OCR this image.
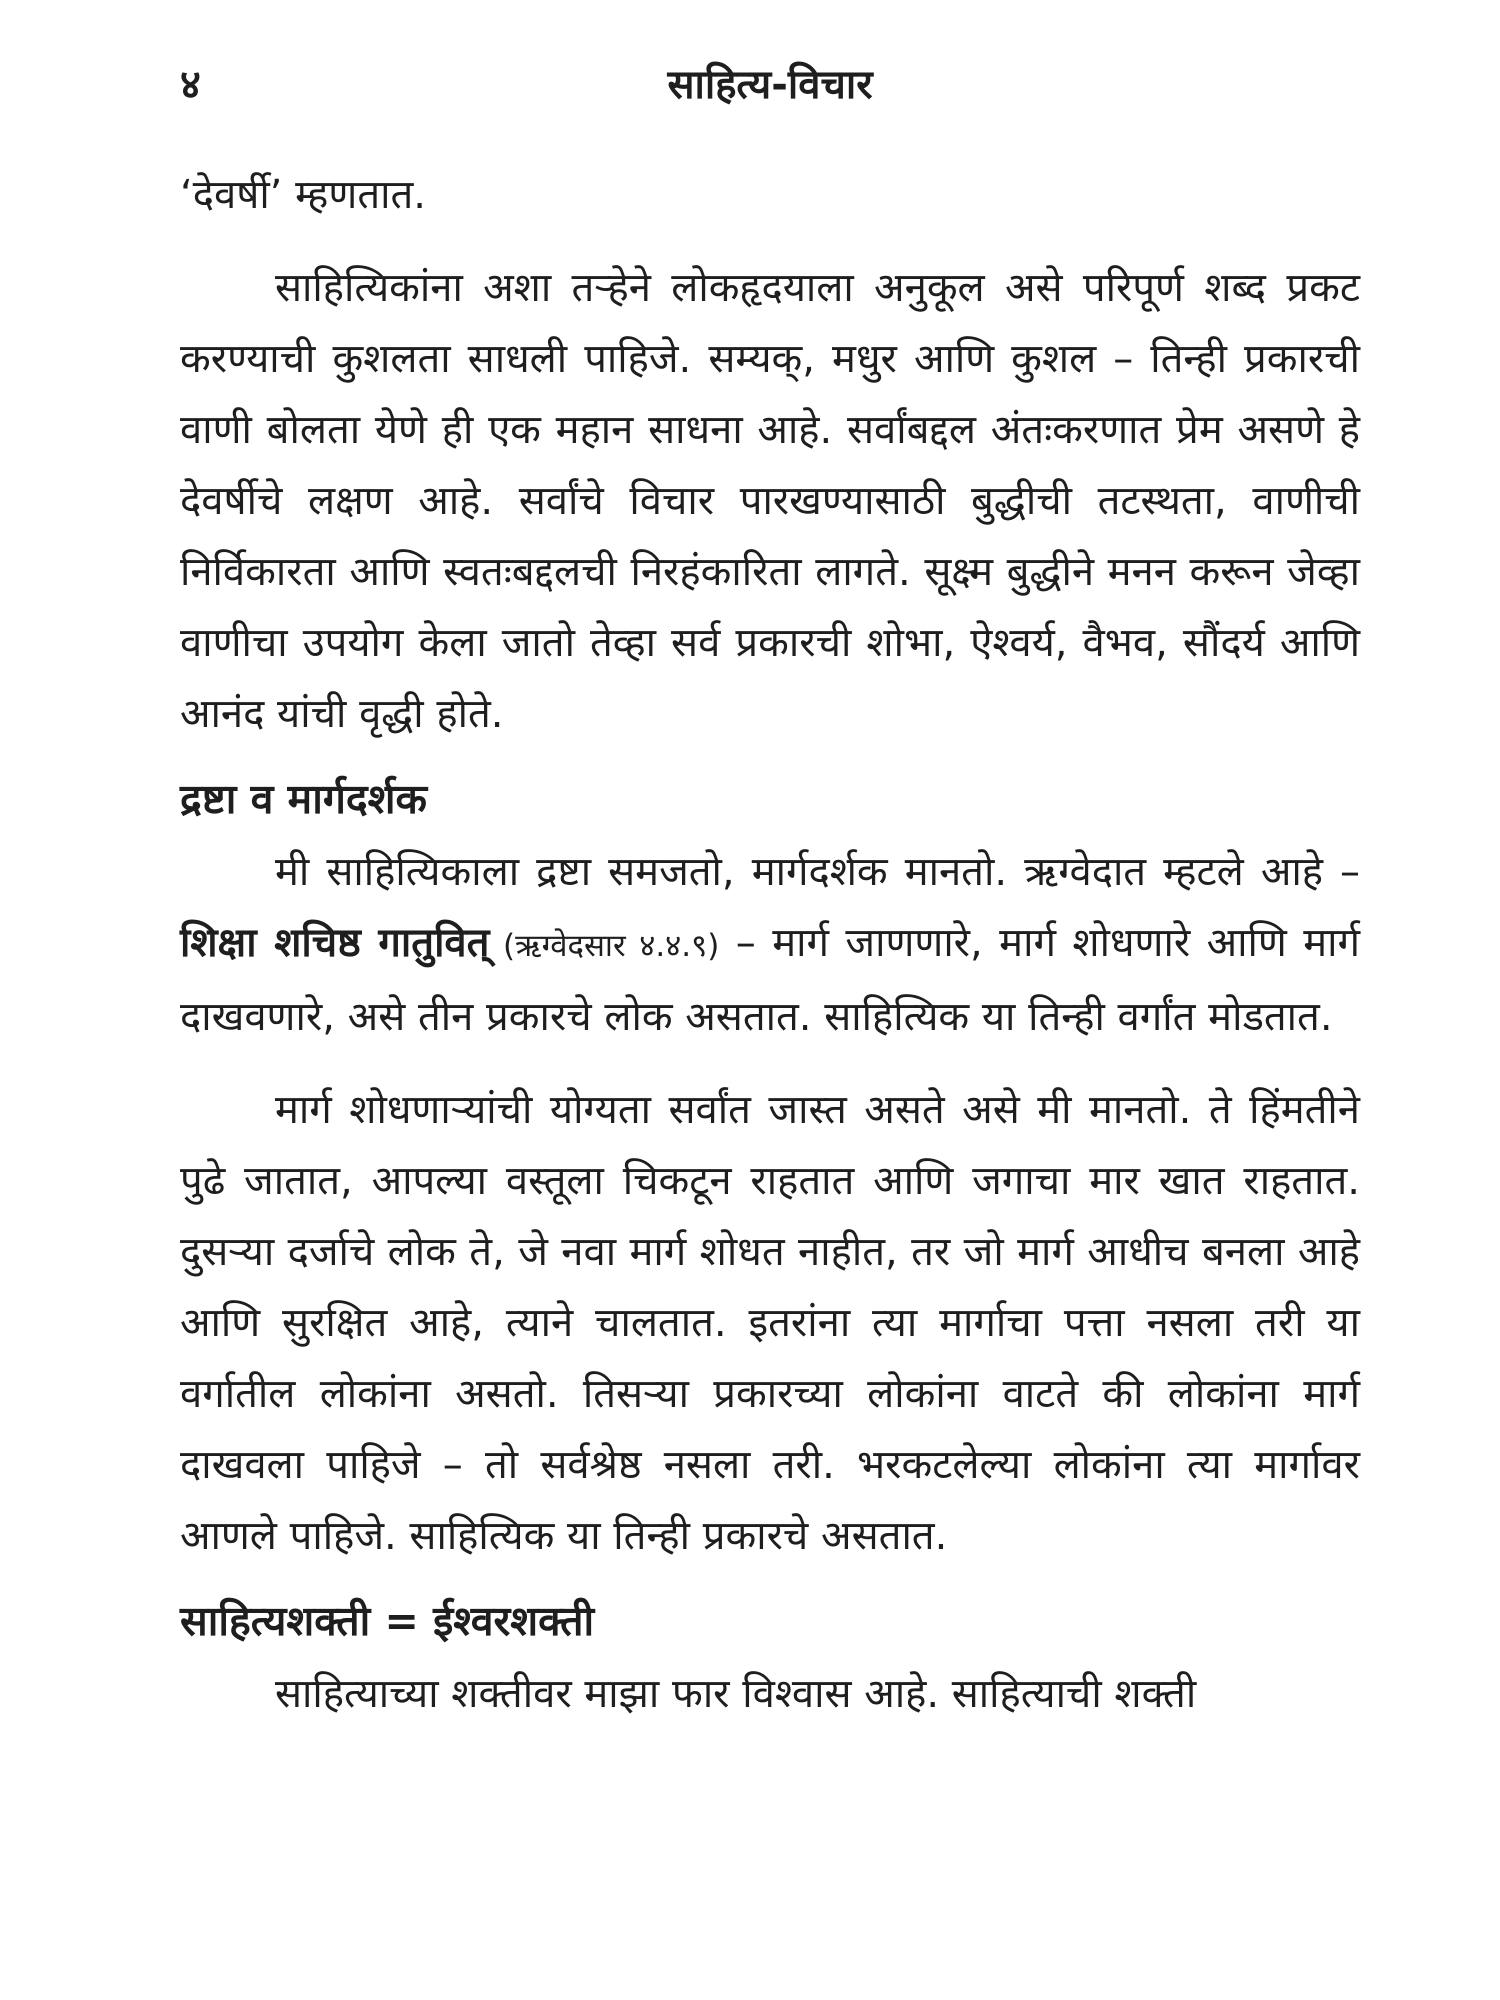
४	साहित्य-विचार

‘देवर्षी’ म्हणतात.

साहित्यिकांना अशा तऱ्हेने लोकहृदयाला अनुकूल असे परिपूर्ण शब्द प्रकट करण्याची कुशलता साधली पाहिजे. सम्यक्, मधुर आणि कुशल – तिन्ही प्रकारची वाणी बोलता येणे ही एक महान साधना आहे. सर्वांबद्दल अंतःकरणात प्रेम असणे हे देवर्षीचे लक्षण आहे. सर्वांचे विचार पारखण्यासाठी बुद्धीची तटस्थता, वाणीची निर्विकारता आणि स्वतःबद्दलची निरहंकारिता लागते. सूक्ष्म बुद्धीने मनन करून जेव्हा वाणीचा उपयोग केला जातो तेव्हा सर्व प्रकारची शोभा, ऐश्वर्य, वैभव, सौंदर्य आणि आनंद यांची वृद्धी होते.

द्रष्टा व मार्गदर्शक

मी साहित्यिकाला द्रष्टा समजतो, मार्गदर्शक मानतो. ऋग्वेदात म्हटले आहे – शिक्षा शचिष्ठ गातुवित् (ऋग्वेदसार ४.४.९) – मार्ग जाणणारे, मार्ग शोधणारे आणि मार्ग दाखवणारे, असे तीन प्रकारचे लोक असतात. साहित्यिक या तिन्ही वर्गांत मोडतात.

मार्ग शोधणाऱ्यांची योग्यता सर्वांत जास्त असते असे मी मानतो. ते हिंमतीने पुढे जातात, आपल्या वस्तूला चिकटून राहतात आणि जगाचा मार खात राहतात. दुसऱ्या दर्जाचे लोक ते, जे नवा मार्ग शोधत नाहीत, तर जो मार्ग आधीच बनला आहे आणि सुरक्षित आहे, त्याने चालतात. इतरांना त्या मार्गाचा पत्ता नसला तरी या वर्गातील लोकांना असतो. तिसऱ्या प्रकारच्या लोकांना वाटते की लोकांना मार्ग दाखवला पाहिजे – तो सर्वश्रेष्ठ नसला तरी. भरकटलेल्या लोकांना त्या मार्गावर आणले पाहिजे. साहित्यिक या तिन्ही प्रकारचे असतात.

साहित्यशक्ती = ईश्वरशक्ती

साहित्याच्या शक्तीवर माझा फार विश्वास आहे. साहित्याची शक्ती
